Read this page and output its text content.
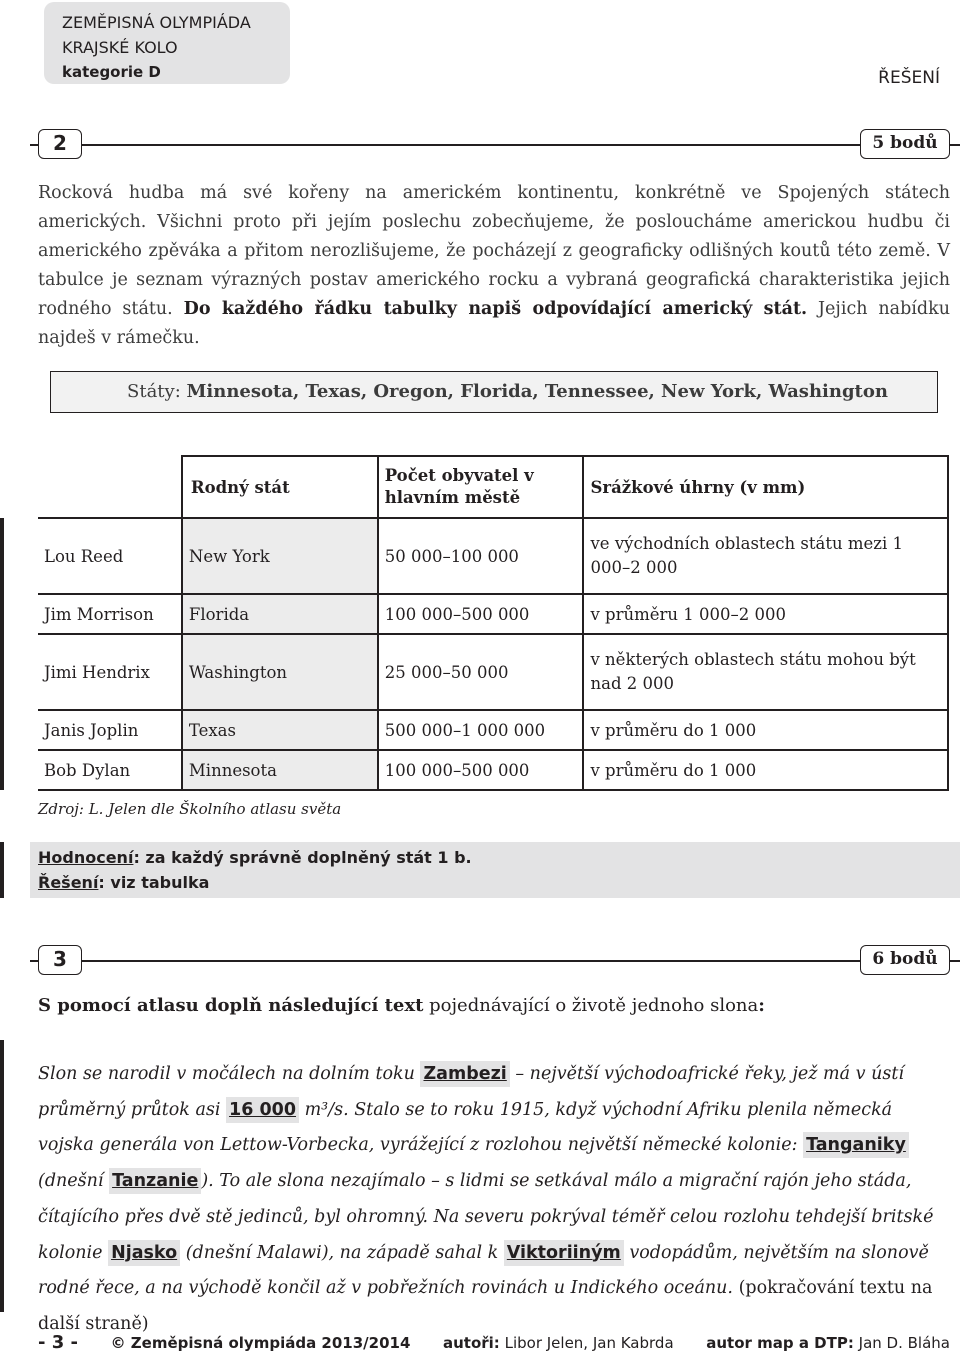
ZEMĚPISNÁ OLYMPIÁDA
KRAJSKÉ KOLO
kategorie D	ŘEŠENÍ
2	5 bodů
Rocková hudba má své kořeny na americkém kontinentu, konkrétně ve Spojených státech amerických. Všichni proto při jejím poslechu zobecňujeme, že posloucháme americkou hudbu či amerického zpěváka a přitom nerozlišujeme, že pocházejí z geograficky odlišných koutů této země. V tabulce je seznam výrazných postav amerického rocku a vybraná geografická charakteristika jejich rodného státu. Do každého řádku tabulky napiš odpovídající americký stát. Jejich nabídku najdeš v rámečku.
Státy: Minnesota, Texas, Oregon, Florida, Tennessee, New York, Washington
	Rodný stát	Počet obyvatel v hlavním městě	Srážkové úhrny (v mm)
Lou Reed	New York	50 000–100 000	ve východních oblastech státu mezi 1 000–2 000
Jim Morrison	Florida	100 000–500 000	v průměru 1 000–2 000
Jimi Hendrix	Washington	25 000–50 000	v některých oblastech státu mohou být nad 2 000
Janis Joplin	Texas	500 000–1 000 000	v průměru do 1 000
Bob Dylan	Minnesota	100 000–500 000	v průměru do 1 000
Zdroj: L. Jelen dle Školního atlasu světa
Hodnocení: za každý správně doplněný stát 1 b.
Řešení: viz tabulka
3	6 bodů
S pomocí atlasu doplň následující text pojednávající o životě jednoho slona:
Slon se narodil v močálech na dolním toku Zambezi – největší východoafrické řeky, jež má v ústí průměrný průtok asi 16 000 m³/s. Stalo se to roku 1915, když východní Afriku plenila německá vojska generála von Lettow-Vorbecka, vyrážející z rozlohou největší německé kolonie: Tanganiky (dnešní Tanzanie ). To ale slona nezajímalo – s lidmi se setkával málo a migrační rajón jeho stáda, čítajícího přes dvě stě jedinců, byl ohromný. Na severu pokrýval téměř celou rozlohu tehdejší britské kolonie Njasko (dnešní Malawi), na západě sahal k Viktoriiným vodopádům, největším na slonově rodné řece, a na východě končil až v pobřežních rovinách u Indického oceánu. (pokračování textu na další straně)
- 3 - © Zeměpisná olympiáda 2013/2014 autoři: Libor Jelen, Jan Kabrda autor map a DTP: Jan D. Bláha
